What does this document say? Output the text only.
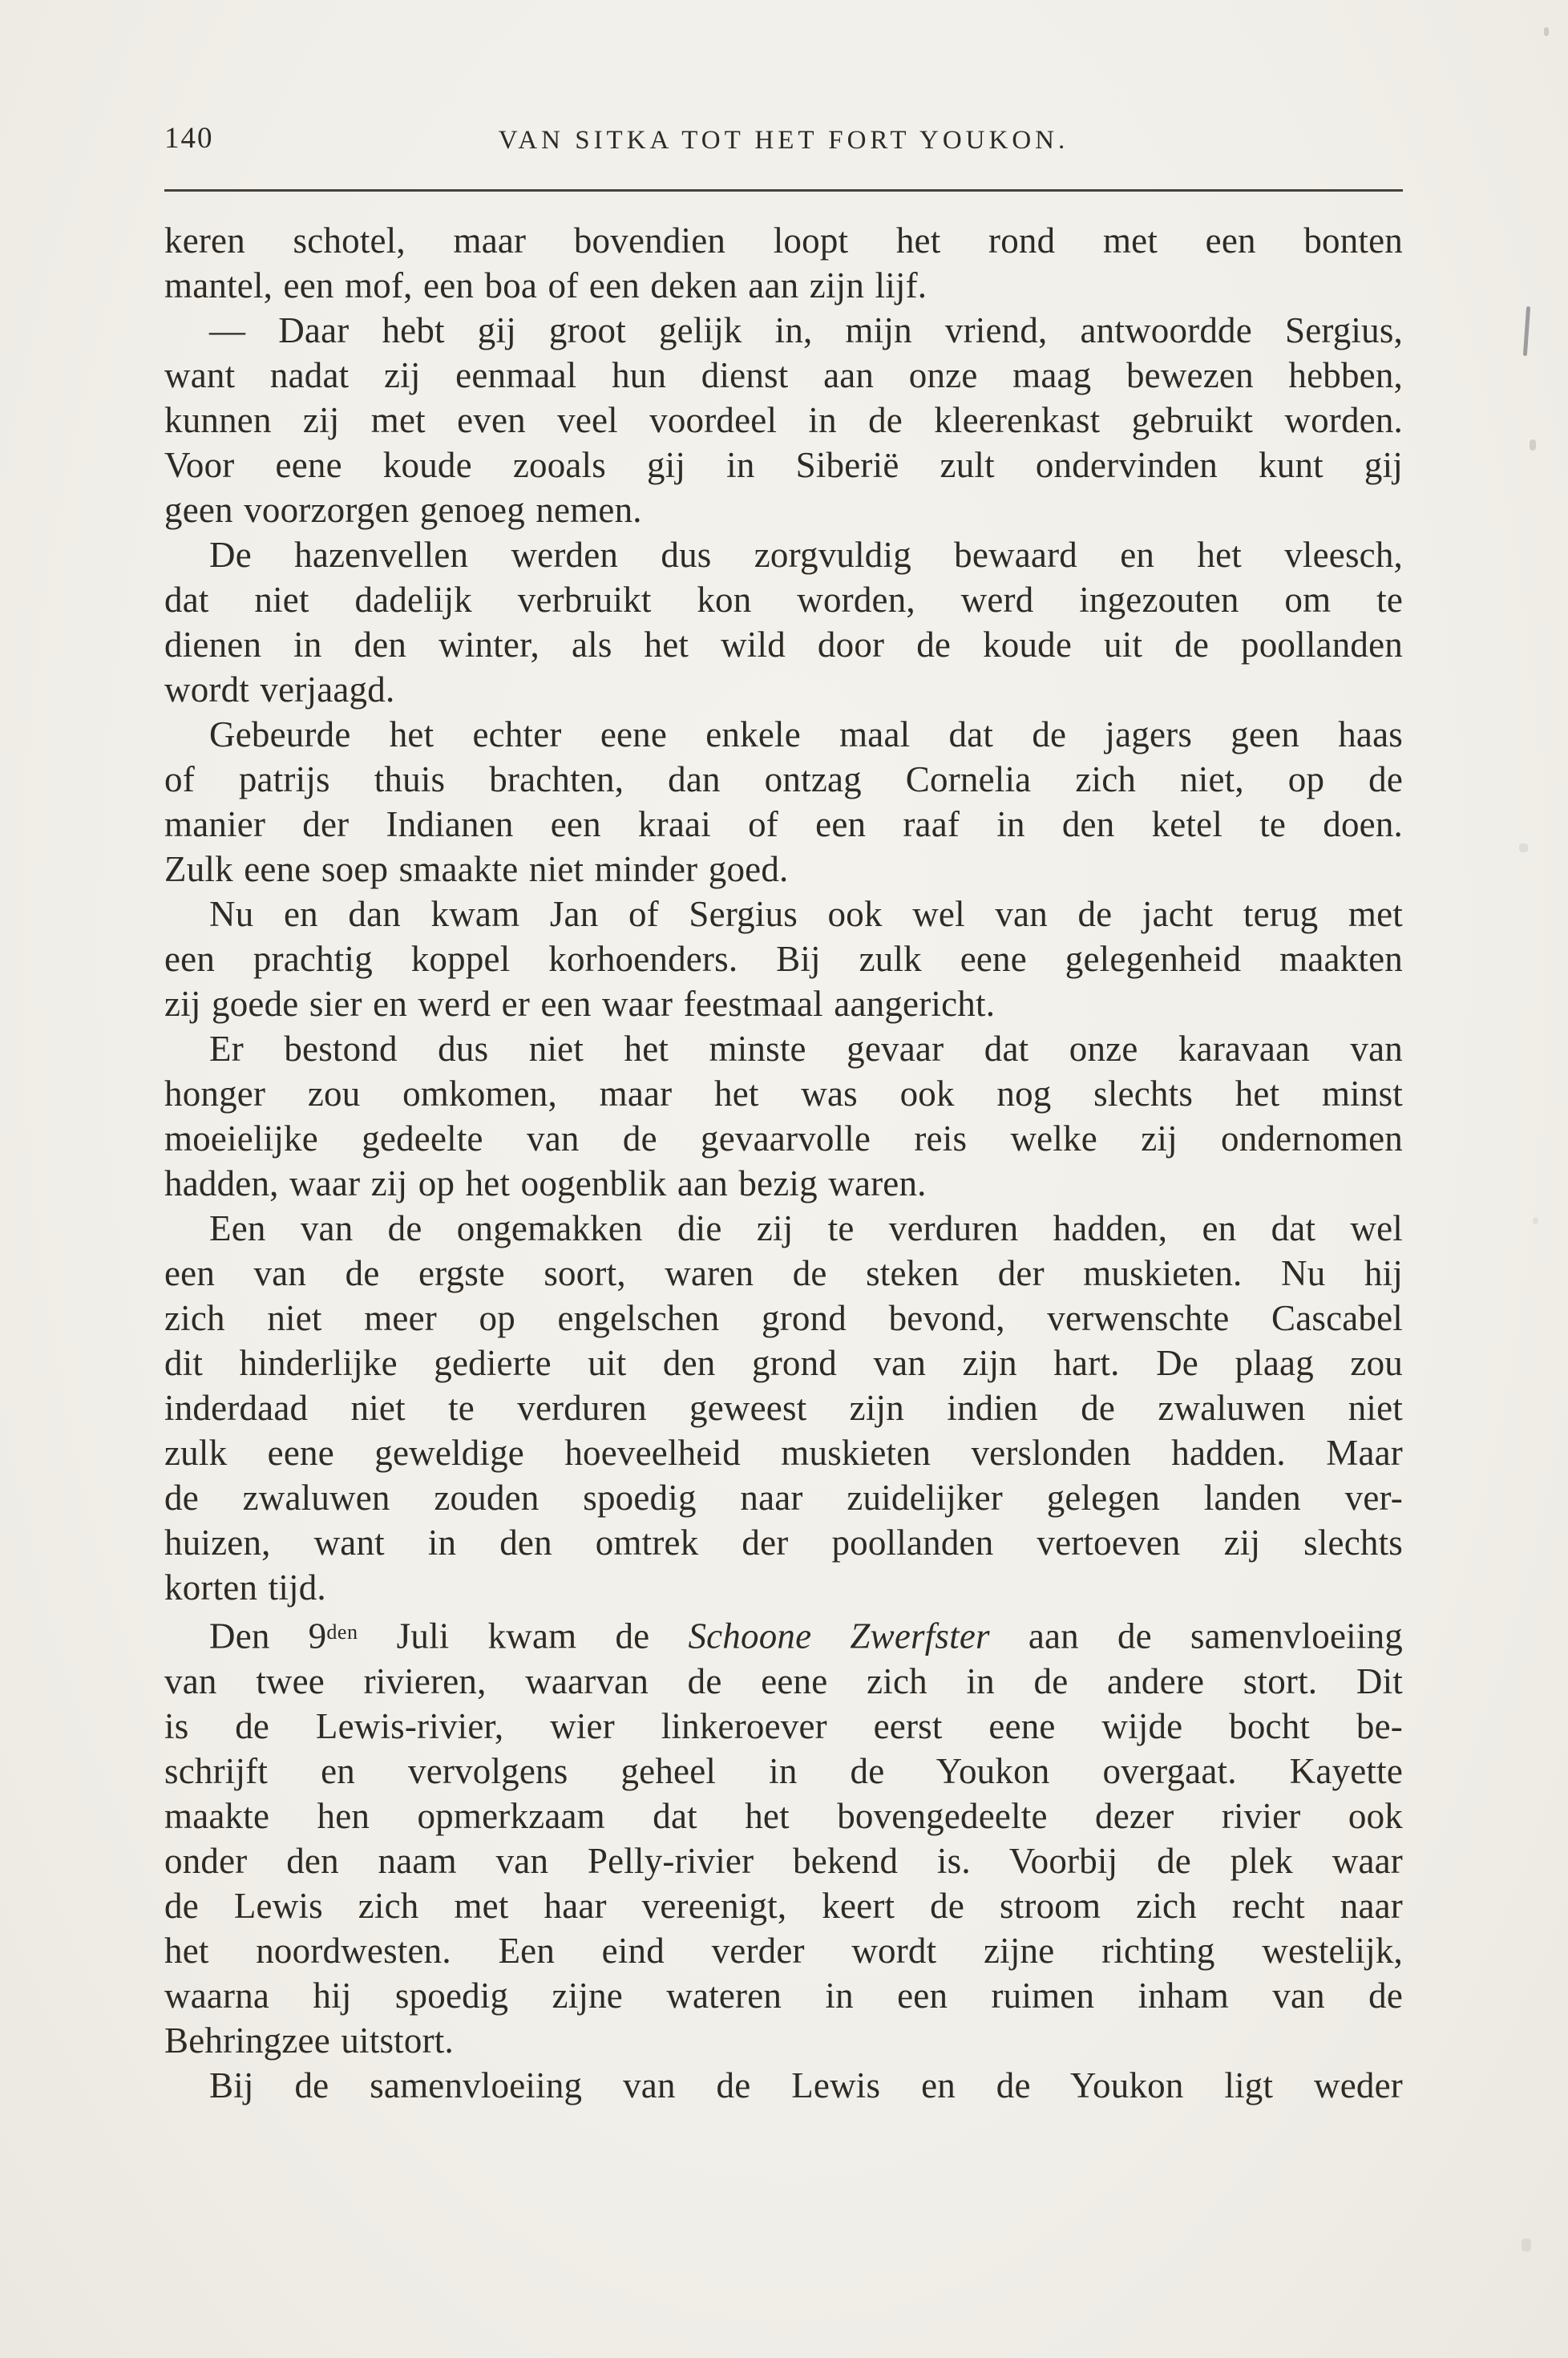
140	VAN SITKA TOT HET FORT YOUKON.
keren schotel, maar bovendien loopt het rond met een bonten
mantel, een mof, een boa of een deken aan zijn lijf.
— Daar hebt gij groot gelijk in, mijn vriend, antwoordde Sergius,
want nadat zij eenmaal hun dienst aan onze maag bewezen hebben,
kunnen zij met even veel voordeel in de kleerenkast gebruikt worden.
Voor eene koude zooals gij in Siberië zult ondervinden kunt gij
geen voorzorgen genoeg nemen.
De hazenvellen werden dus zorgvuldig bewaard en het vleesch,
dat niet dadelijk verbruikt kon worden, werd ingezouten om te
dienen in den winter, als het wild door de koude uit de poollanden
wordt verjaagd.
Gebeurde het echter eene enkele maal dat de jagers geen haas
of patrijs thuis brachten, dan ontzag Cornelia zich niet, op de
manier der Indianen een kraai of een raaf in den ketel te doen.
Zulk eene soep smaakte niet minder goed.
Nu en dan kwam Jan of Sergius ook wel van de jacht terug met
een prachtig koppel korhoenders. Bij zulk eene gelegenheid maakten
zij goede sier en werd er een waar feestmaal aangericht.
Er bestond dus niet het minste gevaar dat onze karavaan van
honger zou omkomen, maar het was ook nog slechts het minst
moeielijke gedeelte van de gevaarvolle reis welke zij ondernomen
hadden, waar zij op het oogenblik aan bezig waren.
Een van de ongemakken die zij te verduren hadden, en dat wel
een van de ergste soort, waren de steken der muskieten. Nu hij
zich niet meer op engelschen grond bevond, verwenschte Cascabel
dit hinderlijke gedierte uit den grond van zijn hart. De plaag zou
inderdaad niet te verduren geweest zijn indien de zwaluwen niet
zulk eene geweldige hoeveelheid muskieten verslonden hadden. Maar
de zwaluwen zouden spoedig naar zuidelijker gelegen landen ver-
huizen, want in den omtrek der poollanden vertoeven zij slechts
korten tijd.
Den $9^{den}$ Juli kwam de Schoone Zwerfster aan de samenvloeiing
van twee rivieren, waarvan de eene zich in de andere stort. Dit
is de Lewis-rivier, wier linkeroever eerst eene wijde bocht be-
schrijft en vervolgens geheel in de Youkon overgaat. Kayette
maakte hen opmerkzaam dat het bovengedeelte dezer rivier ook
onder den naam van Pelly-rivier bekend is. Voorbij de plek waar
de Lewis zich met haar vereenigt, keert de stroom zich recht naar
het noordwesten. Een eind verder wordt zijne richting westelijk,
waarna hij spoedig zijne wateren in een ruimen inham van de
Behringzee uitstort.
Bij de samenvloeiing van de Lewis en de Youkon ligt weder
